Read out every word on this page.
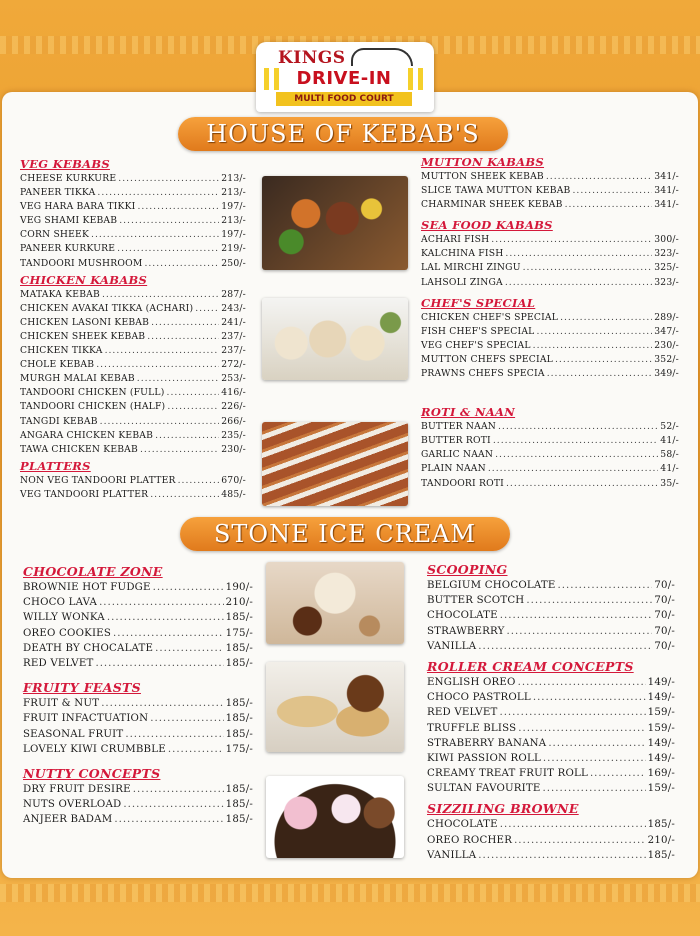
KINGS
DRIVE-IN
MULTI FOOD COURT
HOUSE OF KEBAB'S
STONE ICE CREAM
VEG KEBABS
CHEESE KURKURE .....	213/-
PANEER TIKKA .....	213/-
VEG HARA BARA TIKKI .....	197/-
VEG SHAMI KEBAB .....	213/-
CORN SHEEK .....	197/-
PANEER KURKURE .....	219/-
TANDOORI MUSHROOM .....	250/-
CHICKEN KABABS
MATAKA KEBAB .....	287/-
CHICKEN AVAKAI TIKKA (ACHARI) .....	243/-
CHICKEN LASONI KEBAB .....	241/-
CHICKEN SHEEK KEBAB .....	237/-
CHICKEN TIKKA .....	237/-
CHOLE KEBAB .....	272/-
MURGH MALAI KEBAB .....	253/-
TANDOORI CHICKEN (FULL) .....	416/-
TANDOORI CHICKEN (HALF) .....	226/-
TANGDI KEBAB .....	266/-
ANGARA CHICKEN KEBAB .....	235/-
TAWA CHICKEN KEBAB .....	230/-
PLATTERS
NON VEG TANDOORI PLATTER .....	670/-
VEG TANDOORI PLATTER .....	485/-
MUTTON KABABS
MUTTON SHEEK KEBAB .....	341/-
SLICE TAWA MUTTON KEBAB .....	341/-
CHARMINAR SHEEK KEBAB .....	341/-
SEA FOOD KABABS
ACHARI FISH .....	300/-
KALCHINA FISH .....	323/-
LAL MIRCHI ZINGU .....	325/-
LAHSOLI ZINGA .....	323/-
CHEF'S SPECIAL
CHICKEN CHEF'S SPECIAL .....	289/-
FISH CHEF'S SPECIAL .....	347/-
VEG CHEF'S SPECIAL .....	230/-
MUTTON CHEFS SPECIAL .....	352/-
PRAWNS CHEFS SPECIA .....	349/-
ROTI & NAAN
BUTTER NAAN .....	52/-
BUTTER ROTI .....	41/-
GARLIC NAAN .....	58/-
PLAIN NAAN .....	41/-
TANDOORI ROTI .....	35/-
CHOCOLATE ZONE
BROWNIE HOT FUDGE .....	190/-
CHOCO LAVA .....	210/-
WILLY WONKA .....	185/-
OREO COOKIES .....	175/-
DEATH BY CHOCALATE .....	185/-
RED VELVET .....	185/-
FRUITY FEASTS
FRUIT & NUT .....	185/-
FRUIT INFACTUATION .....	185/-
SEASONAL FRUIT .....	185/-
LOVELY KIWI CRUMBBLE .....	175/-
NUTTY CONCEPTS
DRY FRUIT DESIRE .....	185/-
NUTS OVERLOAD .....	185/-
ANJEER BADAM .....	185/-
SCOOPING
BELGIUM CHOCOLATE .....	70/-
BUTTER SCOTCH .....	70/-
CHOCOLATE .....	70/-
STRAWBERRY .....	70/-
VANILLA .....	70/-
ROLLER CREAM CONCEPTS
ENGLISH OREO .....	149/-
CHOCO PASTROLL .....	149/-
RED VELVET .....	159/-
TRUFFLE BLISS .....	159/-
STRABERRY BANANA .....	149/-
KIWI PASSION ROLL .....	149/-
CREAMY TREAT FRUIT ROLL .....	169/-
SULTAN FAVOURITE .....	159/-
SIZZILING BROWNE
CHOCOLATE .....	185/-
OREO ROCHER .....	210/-
VANILLA .....	185/-
